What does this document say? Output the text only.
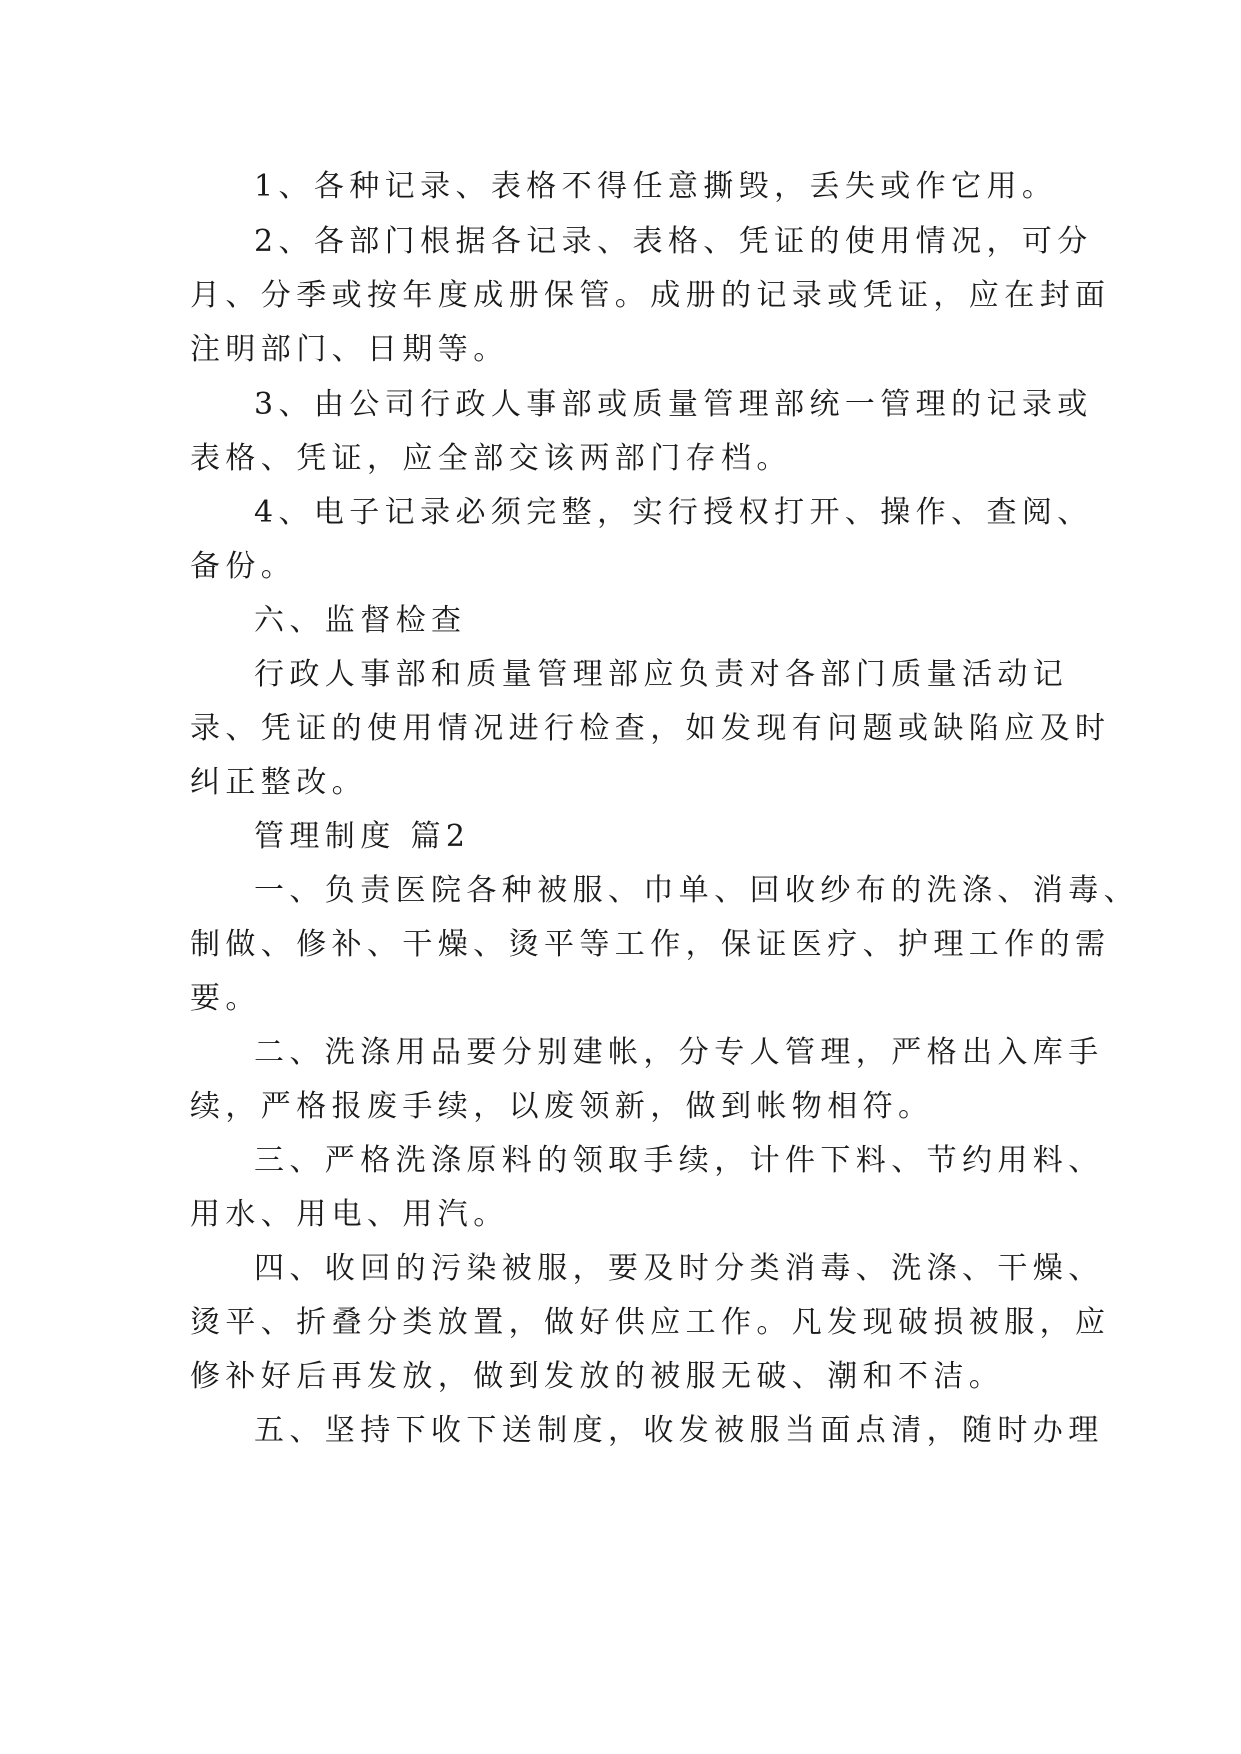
1、各种记录、表格不得任意撕毁，丢失或作它用。
2、各部门根据各记录、表格、凭证的使用情况，可分
月、分季或按年度成册保管。成册的记录或凭证，应在封面
注明部门、日期等。
3、由公司行政人事部或质量管理部统一管理的记录或
表格、凭证，应全部交该两部门存档。
4、电子记录必须完整，实行授权打开、操作、查阅、
备份。
六、监督检查
行政人事部和质量管理部应负责对各部门质量活动记
录、凭证的使用情况进行检查，如发现有问题或缺陷应及时
纠正整改。
管理制度 篇2
一、负责医院各种被服、巾单、回收纱布的洗涤、消毒、
制做、修补、干燥、烫平等工作，保证医疗、护理工作的需
要。
二、洗涤用品要分别建帐，分专人管理，严格出入库手
续，严格报废手续，以废领新，做到帐物相符。
三、严格洗涤原料的领取手续，计件下料、节约用料、
用水、用电、用汽。
四、收回的污染被服，要及时分类消毒、洗涤、干燥、
烫平、折叠分类放置，做好供应工作。凡发现破损被服，应
修补好后再发放，做到发放的被服无破、潮和不洁。
五、坚持下收下送制度，收发被服当面点清，随时办理
